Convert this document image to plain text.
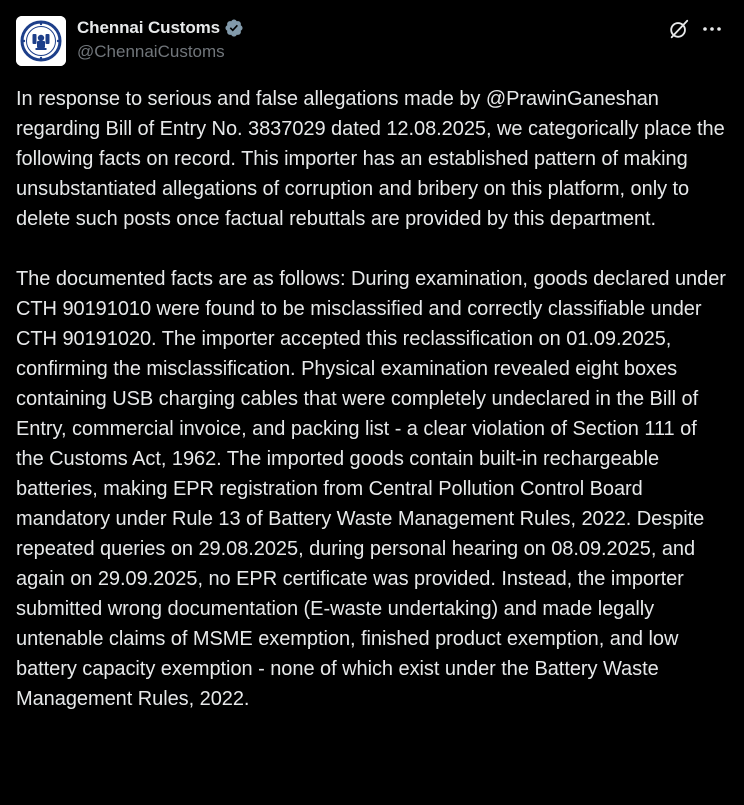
Chennai Customs
@ChennaiCustoms

In response to serious and false allegations made by @PrawinGaneshan regarding Bill of Entry No. 3837029 dated 12.08.2025, we categorically place the following facts on record. This importer has an established pattern of making unsubstantiated allegations of corruption and bribery on this platform, only to delete such posts once factual rebuttals are provided by this department.

The documented facts are as follows: During examination, goods declared under CTH 90191010 were found to be misclassified and correctly classifiable under CTH 90191020. The importer accepted this reclassification on 01.09.2025, confirming the misclassification. Physical examination revealed eight boxes containing USB charging cables that were completely undeclared in the Bill of Entry, commercial invoice, and packing list - a clear violation of Section 111 of the Customs Act, 1962. The imported goods contain built-in rechargeable batteries, making EPR registration from Central Pollution Control Board mandatory under Rule 13 of Battery Waste Management Rules, 2022. Despite repeated queries on 29.08.2025, during personal hearing on 08.09.2025, and again on 29.09.2025, no EPR certificate was provided. Instead, the importer submitted wrong documentation (E-waste undertaking) and made legally untenable claims of MSME exemption, finished product exemption, and low battery capacity exemption - none of which exist under the Battery Waste Management Rules, 2022.
